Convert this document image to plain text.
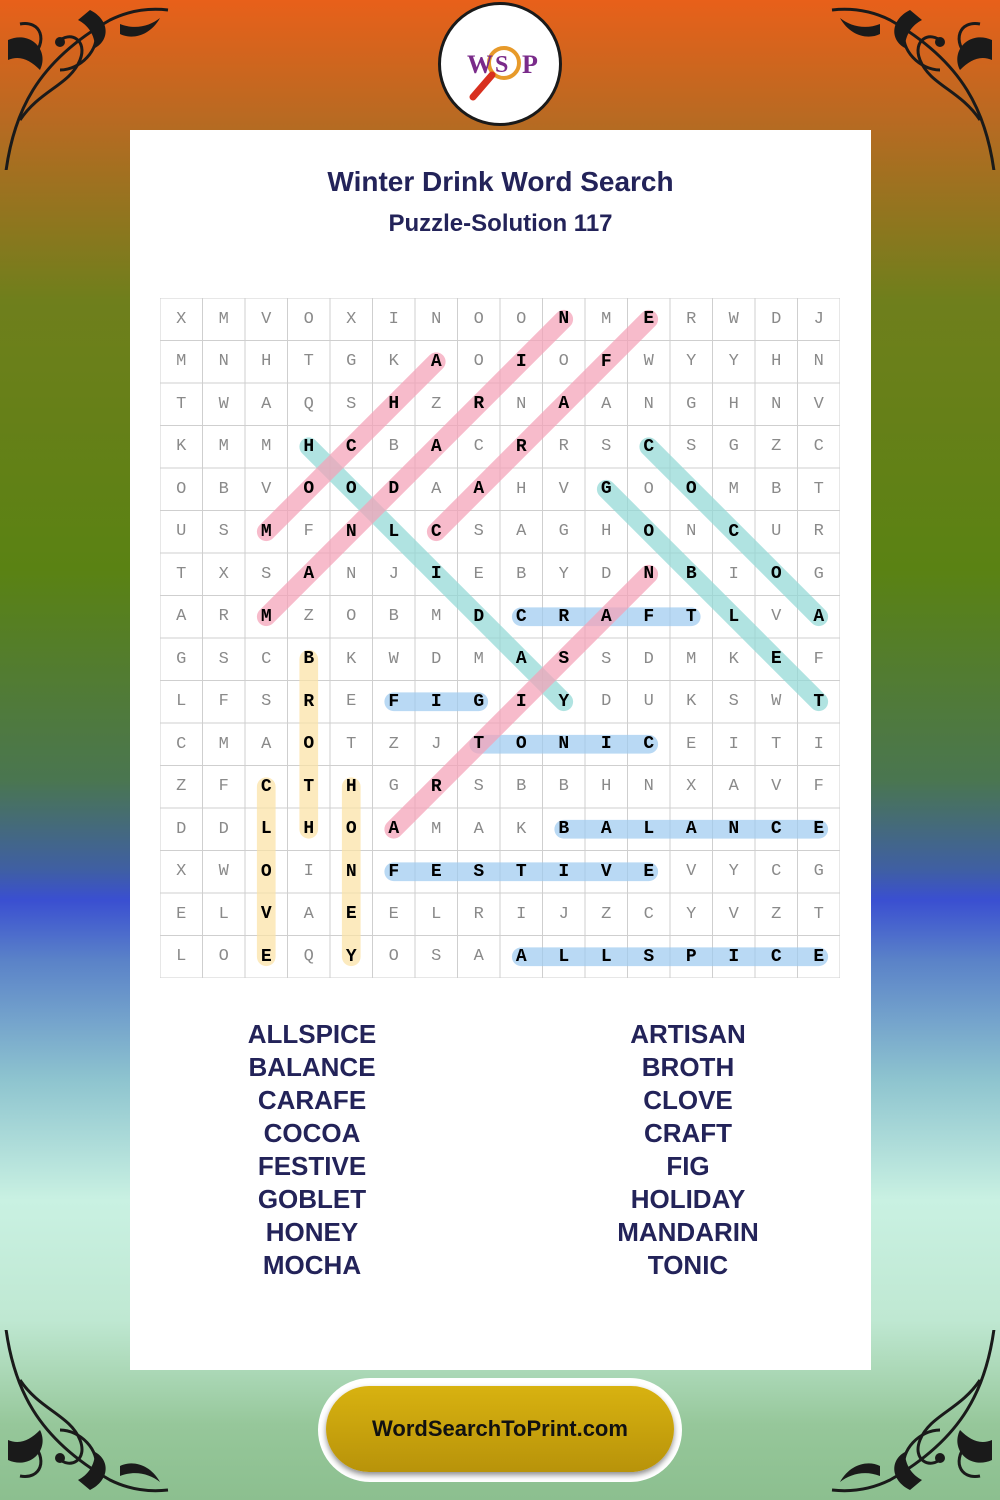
W S P
Winter Drink Word Search
Puzzle-Solution 117
X	M	V	O	X	I	N	O	O	N	M	E	R	W	D	J
M	N	H	T	G	K	A	O	I	O	F	W	Y	Y	H	N
T	W	A	Q	S	H	Z	R	N	A	A	N	G	H	N	V
K	M	M	H	C	B	A	C	R	R	S	C	S	G	Z	C
O	B	V	O	O	D	A	A	H	V	G	O	O	M	B	T
U	S	M	F	N	L	C	S	A	G	H	O	N	C	U	R
T	X	S	A	N	J	I	E	B	Y	D	N	B	I	O	G
A	R	M	Z	O	B	M	D	C	R	A	F	T	L	V	A
G	S	C	B	K	W	D	M	A	S	S	D	M	K	E	F
L	F	S	R	E	F	I	G	I	Y	D	U	K	S	W	T
C	M	A	O	T	Z	J	T	O	N	I	C	E	I	T	I
Z	F	C	T	H	G	R	S	B	B	H	N	X	A	V	F
D	D	L	H	O	A	M	A	K	B	A	L	A	N	C	E
X	W	O	I	N	F	E	S	T	I	V	E	V	Y	C	G
E	L	V	A	E	E	L	R	I	J	Z	C	Y	V	Z	T
L	O	E	Q	Y	O	S	A	A	L	L	S	P	I	C	E
ALLSPICE
BALANCE
CARAFE
COCOA
FESTIVE
GOBLET
HONEY
MOCHA
ARTISAN
BROTH
CLOVE
CRAFT
FIG
HOLIDAY
MANDARIN
TONIC
WordSearchToPrint.com
